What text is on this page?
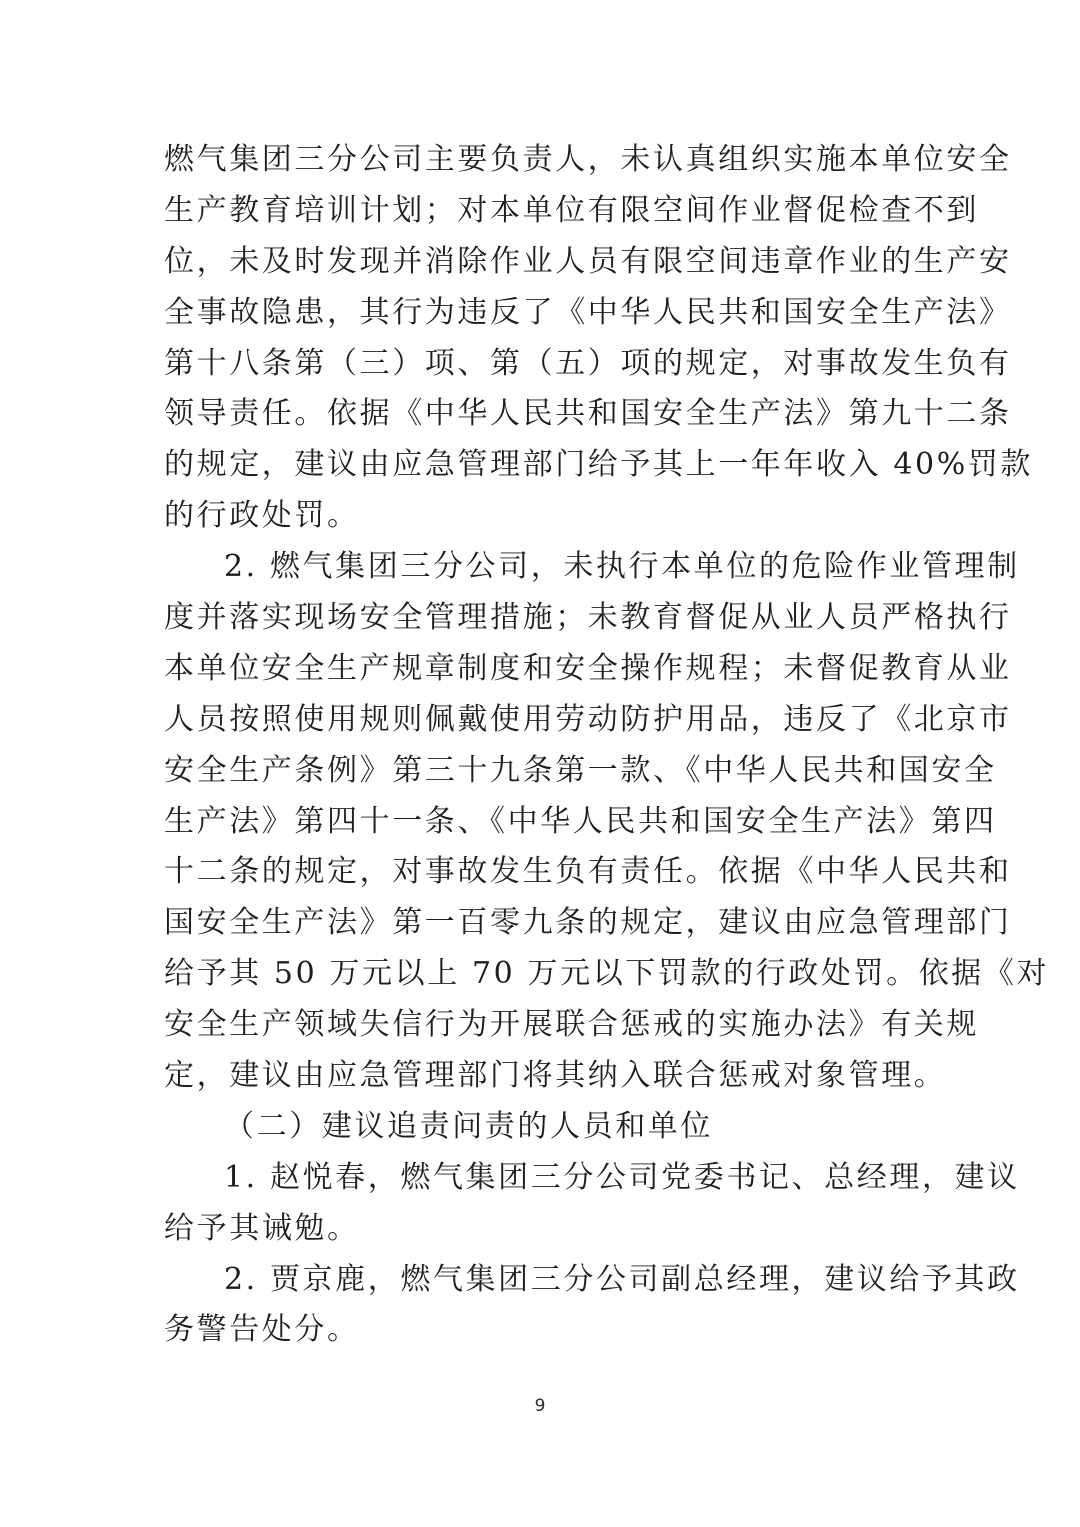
燃气集团三分公司主要负责人，未认真组织实施本单位安全
生产教育培训计划；对本单位有限空间作业督促检查不到
位，未及时发现并消除作业人员有限空间违章作业的生产安
全事故隐患，其行为违反了《中华人民共和国安全生产法》
第十八条第（三）项、第（五）项的规定，对事故发生负有
领导责任。依据《中华人民共和国安全生产法》第九十二条
的规定，建议由应急管理部门给予其上一年年收入 40%罚款
的行政处罚。
2. 燃气集团三分公司，未执行本单位的危险作业管理制
度并落实现场安全管理措施；未教育督促从业人员严格执行
本单位安全生产规章制度和安全操作规程；未督促教育从业
人员按照使用规则佩戴使用劳动防护用品，违反了《北京市
安全生产条例》第三十九条第一款、《中华人民共和国安全
生产法》第四十一条、《中华人民共和国安全生产法》第四
十二条的规定，对事故发生负有责任。依据《中华人民共和
国安全生产法》第一百零九条的规定，建议由应急管理部门
给予其 50 万元以上 70 万元以下罚款的行政处罚。依据《对
安全生产领域失信行为开展联合惩戒的实施办法》有关规
定，建议由应急管理部门将其纳入联合惩戒对象管理。
（二）建议追责问责的人员和单位
1. 赵悦春，燃气集团三分公司党委书记、总经理，建议
给予其诫勉。
2. 贾京鹿，燃气集团三分公司副总经理，建议给予其政
务警告处分。
9
